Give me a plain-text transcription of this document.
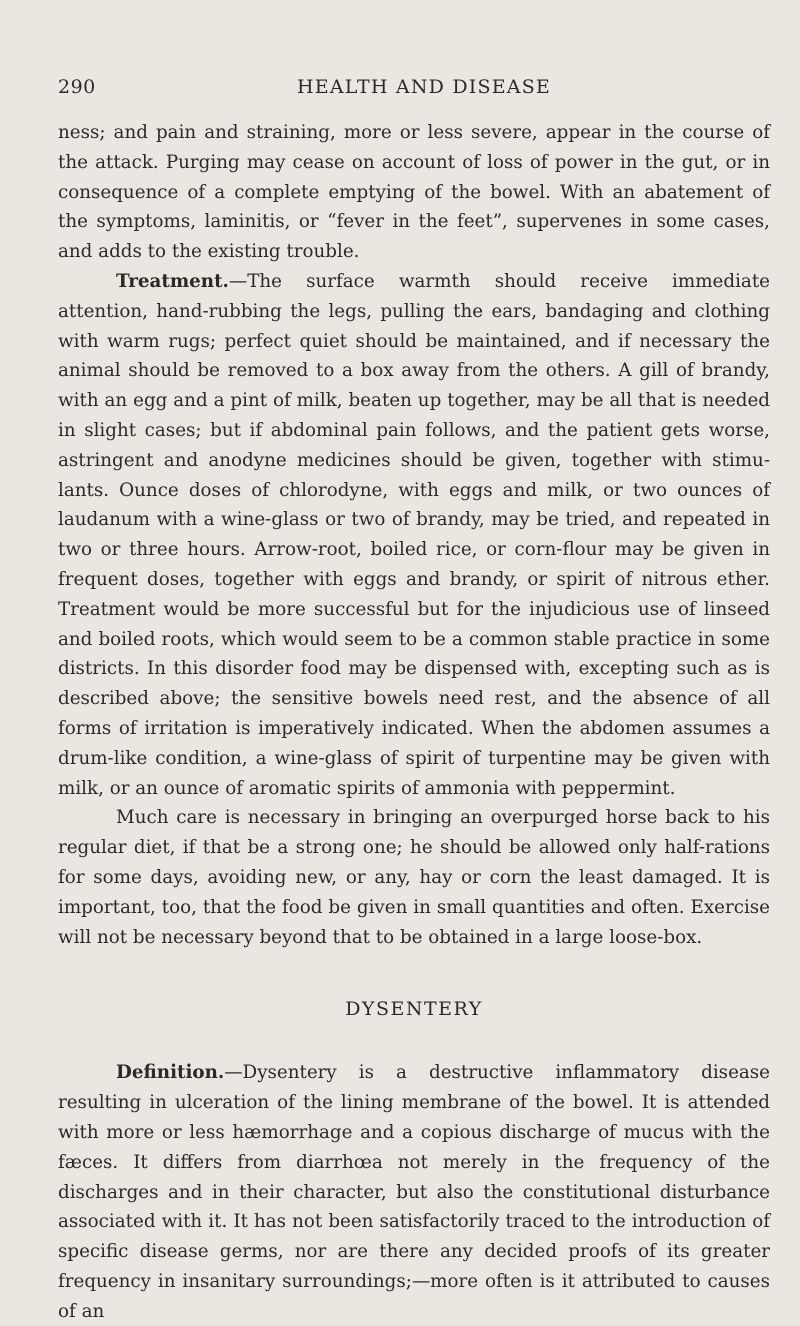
290	HEALTH AND DISEASE

ness; and pain and straining, more or less severe, appear in the course of the attack. Purging may cease on account of loss of power in the gut, or in consequence of a complete emptying of the bowel. With an abatement of the symptoms, laminitis, or “fever in the feet”, supervenes in some cases, and adds to the existing trouble.

Treatment.—The surface warmth should receive immediate attention, hand-rubbing the legs, pulling the ears, bandaging and clothing with warm rugs; perfect quiet should be maintained, and if necessary the animal should be removed to a box away from the others. A gill of brandy, with an egg and a pint of milk, beaten up together, may be all that is needed in slight cases; but if abdominal pain follows, and the patient gets worse, astringent and anodyne medicines should be given, together with stimu-lants. Ounce doses of chlorodyne, with eggs and milk, or two ounces of laudanum with a wine-glass or two of brandy, may be tried, and repeated in two or three hours. Arrow-root, boiled rice, or corn-flour may be given in frequent doses, together with eggs and brandy, or spirit of nitrous ether. Treatment would be more successful but for the injudicious use of linseed and boiled roots, which would seem to be a common stable practice in some districts. In this disorder food may be dispensed with, excepting such as is described above; the sensitive bowels need rest, and the absence of all forms of irritation is imperatively indicated. When the abdomen assumes a drum-like condition, a wine-glass of spirit of turpentine may be given with milk, or an ounce of aromatic spirits of ammonia with peppermint.

Much care is necessary in bringing an overpurged horse back to his regular diet, if that be a strong one; he should be allowed only half-rations for some days, avoiding new, or any, hay or corn the least damaged. It is important, too, that the food be given in small quantities and often. Exercise will not be necessary beyond that to be obtained in a large loose-box.

DYSENTERY

Definition.—Dysentery is a destructive inflammatory disease resulting in ulceration of the lining membrane of the bowel. It is attended with more or less hæmorrhage and a copious discharge of mucus with the fæces. It differs from diarrhœa not merely in the frequency of the discharges and in their character, but also the constitutional disturbance associated with it. It has not been satisfactorily traced to the introduction of specific disease germs, nor are there any decided proofs of its greater frequency in insanitary surroundings;—more often is it attributed to causes of an
